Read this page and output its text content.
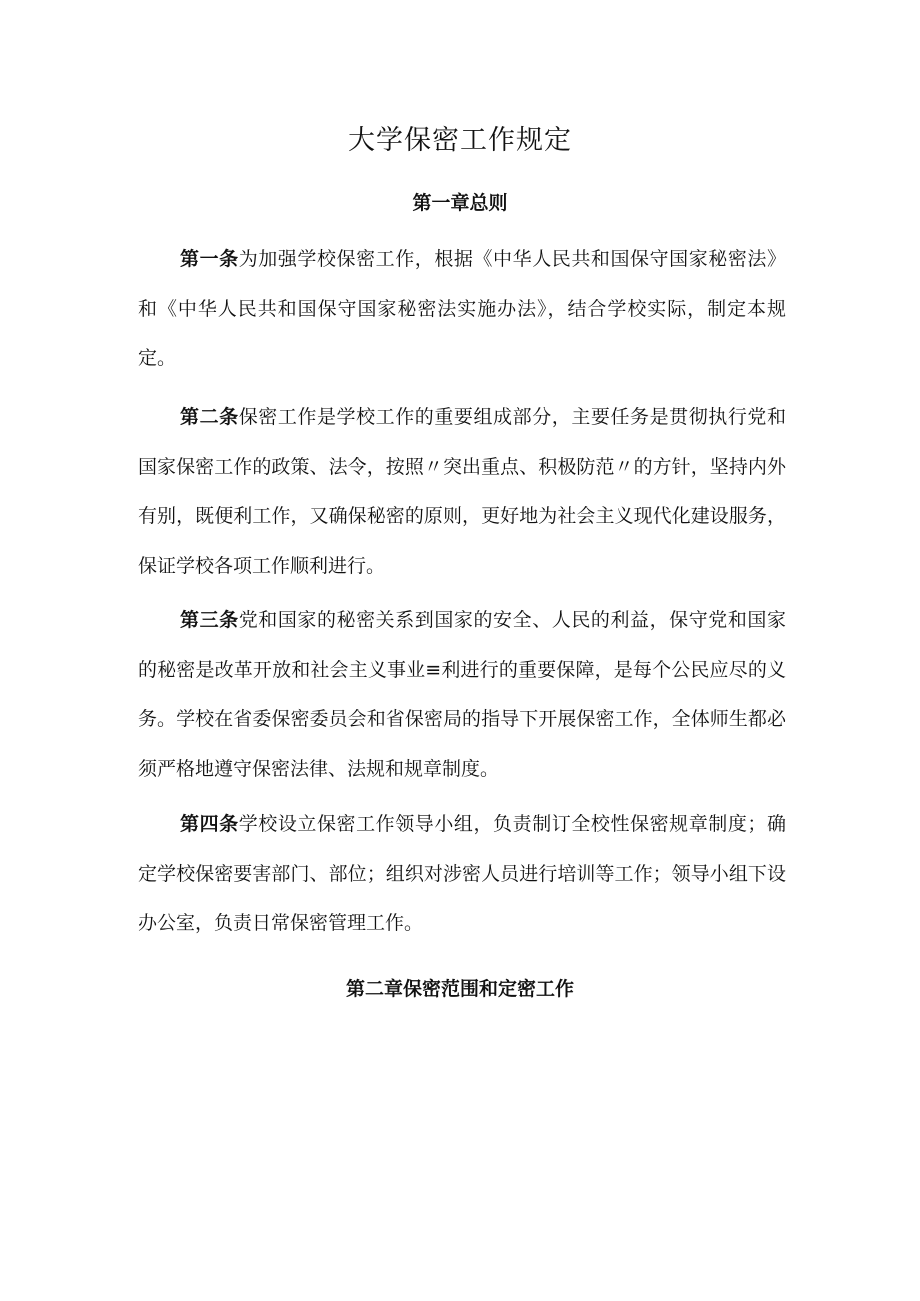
大学保密工作规定
第一章总则

第一条为加强学校保密工作，根据《中华人民共和国保守国家秘密法》和《中华人民共和国保守国家秘密法实施办法》，结合学校实际，制定本规定。

第二条保密工作是学校工作的重要组成部分，主要任务是贯彻执行党和国家保密工作的政策、法令，按照〃突出重点、积极防范〃的方针，坚持内外有别，既便利工作，又确保秘密的原则，更好地为社会主义现代化建设服务，保证学校各项工作顺利进行。

第三条党和国家的秘密关系到国家的安全、人民的利益，保守党和国家的秘密是改革开放和社会主义事业≡利进行的重要保障，是每个公民应尽的义务。学校在省委保密委员会和省保密局的指导下开展保密工作，全体师生都必须严格地遵守保密法律、法规和规章制度。

第四条学校设立保密工作领导小组，负责制订全校性保密规章制度；确定学校保密要害部门、部位；组织对涉密人员进行培训等工作；领导小组下设办公室，负责日常保密管理工作。

第二章保密范围和定密工作
